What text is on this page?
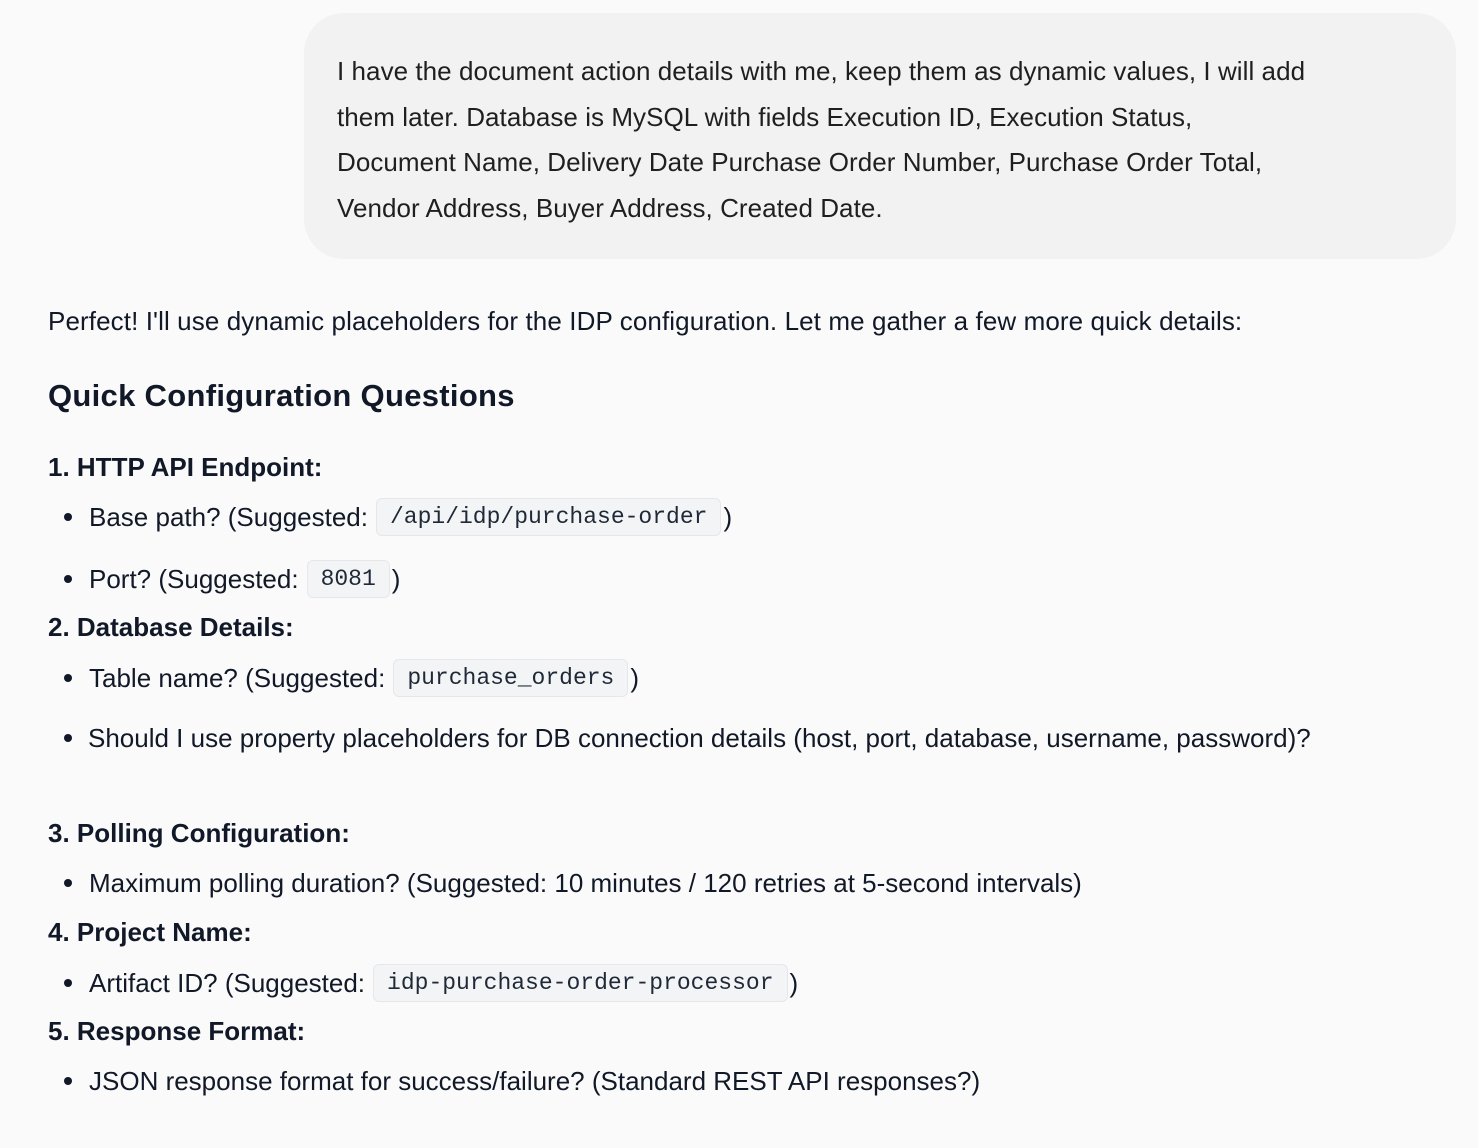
I have the document action details with me, keep them as dynamic values, I will add
them later. Database is MySQL with fields Execution ID, Execution Status,
Document Name, Delivery Date Purchase Order Number, Purchase Order Total,
Vendor Address, Buyer Address, Created Date.

Perfect! I'll use dynamic placeholders for the IDP configuration. Let me gather a few more quick details:

Quick Configuration Questions
1. HTTP API Endpoint:
Base path? (Suggested: /api/idp/purchase-order )
Port? (Suggested: 8081 )
2. Database Details:
Table name? (Suggested: purchase_orders )
Should I use property placeholders for DB connection details (host, port, database, username, password)?
3. Polling Configuration:
Maximum polling duration? (Suggested: 10 minutes / 120 retries at 5-second intervals)
4. Project Name:
Artifact ID? (Suggested: idp-purchase-order-processor )
5. Response Format:
JSON response format for success/failure? (Standard REST API responses?)
